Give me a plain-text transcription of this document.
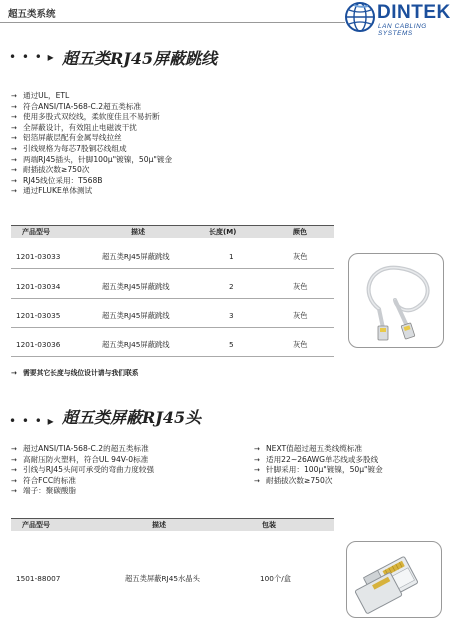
超五类系统	DINTEK
LAN CABLING SYSTEMS
• • • ▸ 超五类RJ45屏蔽跳线
→ 通过UL，ETL
→ 符合ANSI/TIA-568-C.2超五类标准
→ 使用多股式双绞线，柔软度佳且不易折断
→ 全屏蔽设计，有效阻止电磁波干扰
→ 铝箔屏蔽层配有金属导线拉丝
→ 引线规格为每芯7股铜芯线组成
→ 两端RJ45插头，针脚100μ"镀镍，50μ"镀金
→ 耐插拔次数≥750次
→ RJ45线位采用：T568B
→ 通过FLUKE单体测试
产品型号	描述	长度(M)	颜色
1201-03033	超五类RJ45屏蔽跳线	1	灰色
1201-03034	超五类RJ45屏蔽跳线	2	灰色
1201-03035	超五类RJ45屏蔽跳线	3	灰色
1201-03036	超五类RJ45屏蔽跳线	5	灰色
→ 需要其它长度与线位设计请与我们联系
• • • ▸ 超五类屏蔽RJ45头
→ 超过ANSI/TIA-568-C.2的超五类标准
→ 高耐压防火塑料，符合UL 94V-0标准
→ 引线与RJ45头间可承受的弯曲力度较强
→ 符合FCC的标准
→ 端子：聚碳酸脂
→ NEXT值超过超五类线缆标准
→ 适用22~26AWG单芯线或多股线
→ 针脚采用：100μ"镀镍，50μ"镀金
→ 耐插拔次数≥750次
产品型号	描述	包装
1501-88007	超五类屏蔽RJ45水晶头	100个/盒
